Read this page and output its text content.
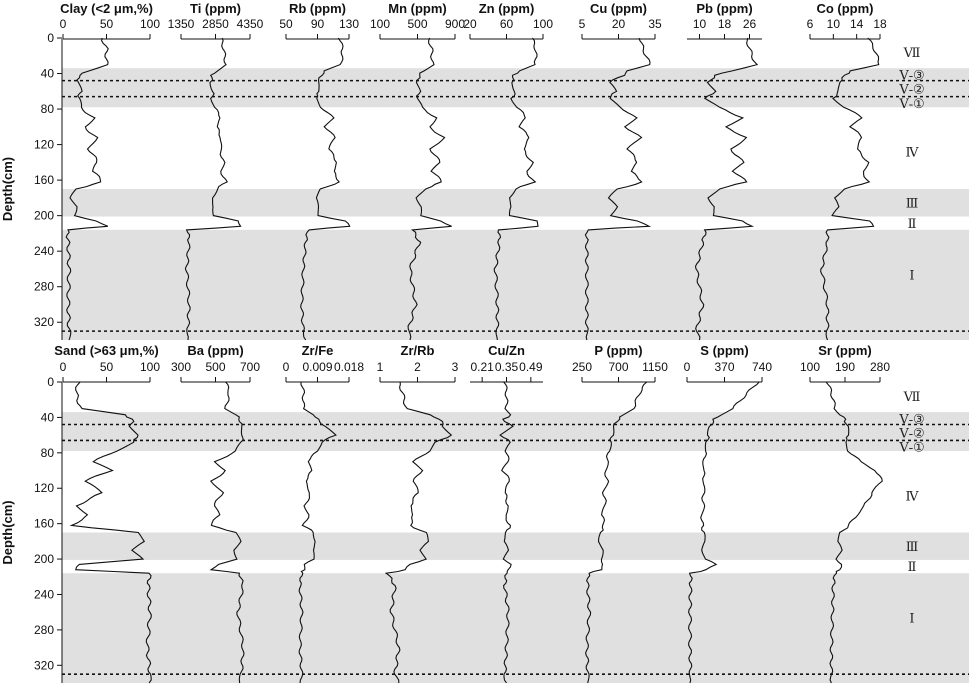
0
40
80
120
160
200
240
280
320
Depth(cm)
Clay (<2 μm,%)
0	50 100
Ti (ppm)
1350 2850 4350
Rb (ppm)
50 90 130
Mn (ppm)
100 500 900
Zn (ppm)
20 60 100
Cu (ppm)
5 20 35
Pb (ppm)
10 18 26
Co (ppm)
6 10 14 18
Ⅶ
Ⅴ-③
Ⅴ-②
Ⅴ-①
Ⅳ
Ⅲ
Ⅱ
Ⅰ
0
40
80
120
160
200
240
280
320
Depth(cm)
Sand (>63 μm,%)
0	50 100
Ba (ppm)
300 500 700
Zr/Fe
0 0.009 0.018
Zr/Rb
1	2	3
Cu/Zn
0.21 0.35 0.49
P (ppm)
250 700 1150
S (ppm)
0 370 740
Sr (ppm)
100 190 280
Ⅶ
Ⅴ-③
Ⅴ-②
Ⅴ-①
Ⅳ
Ⅲ
Ⅱ
Ⅰ
